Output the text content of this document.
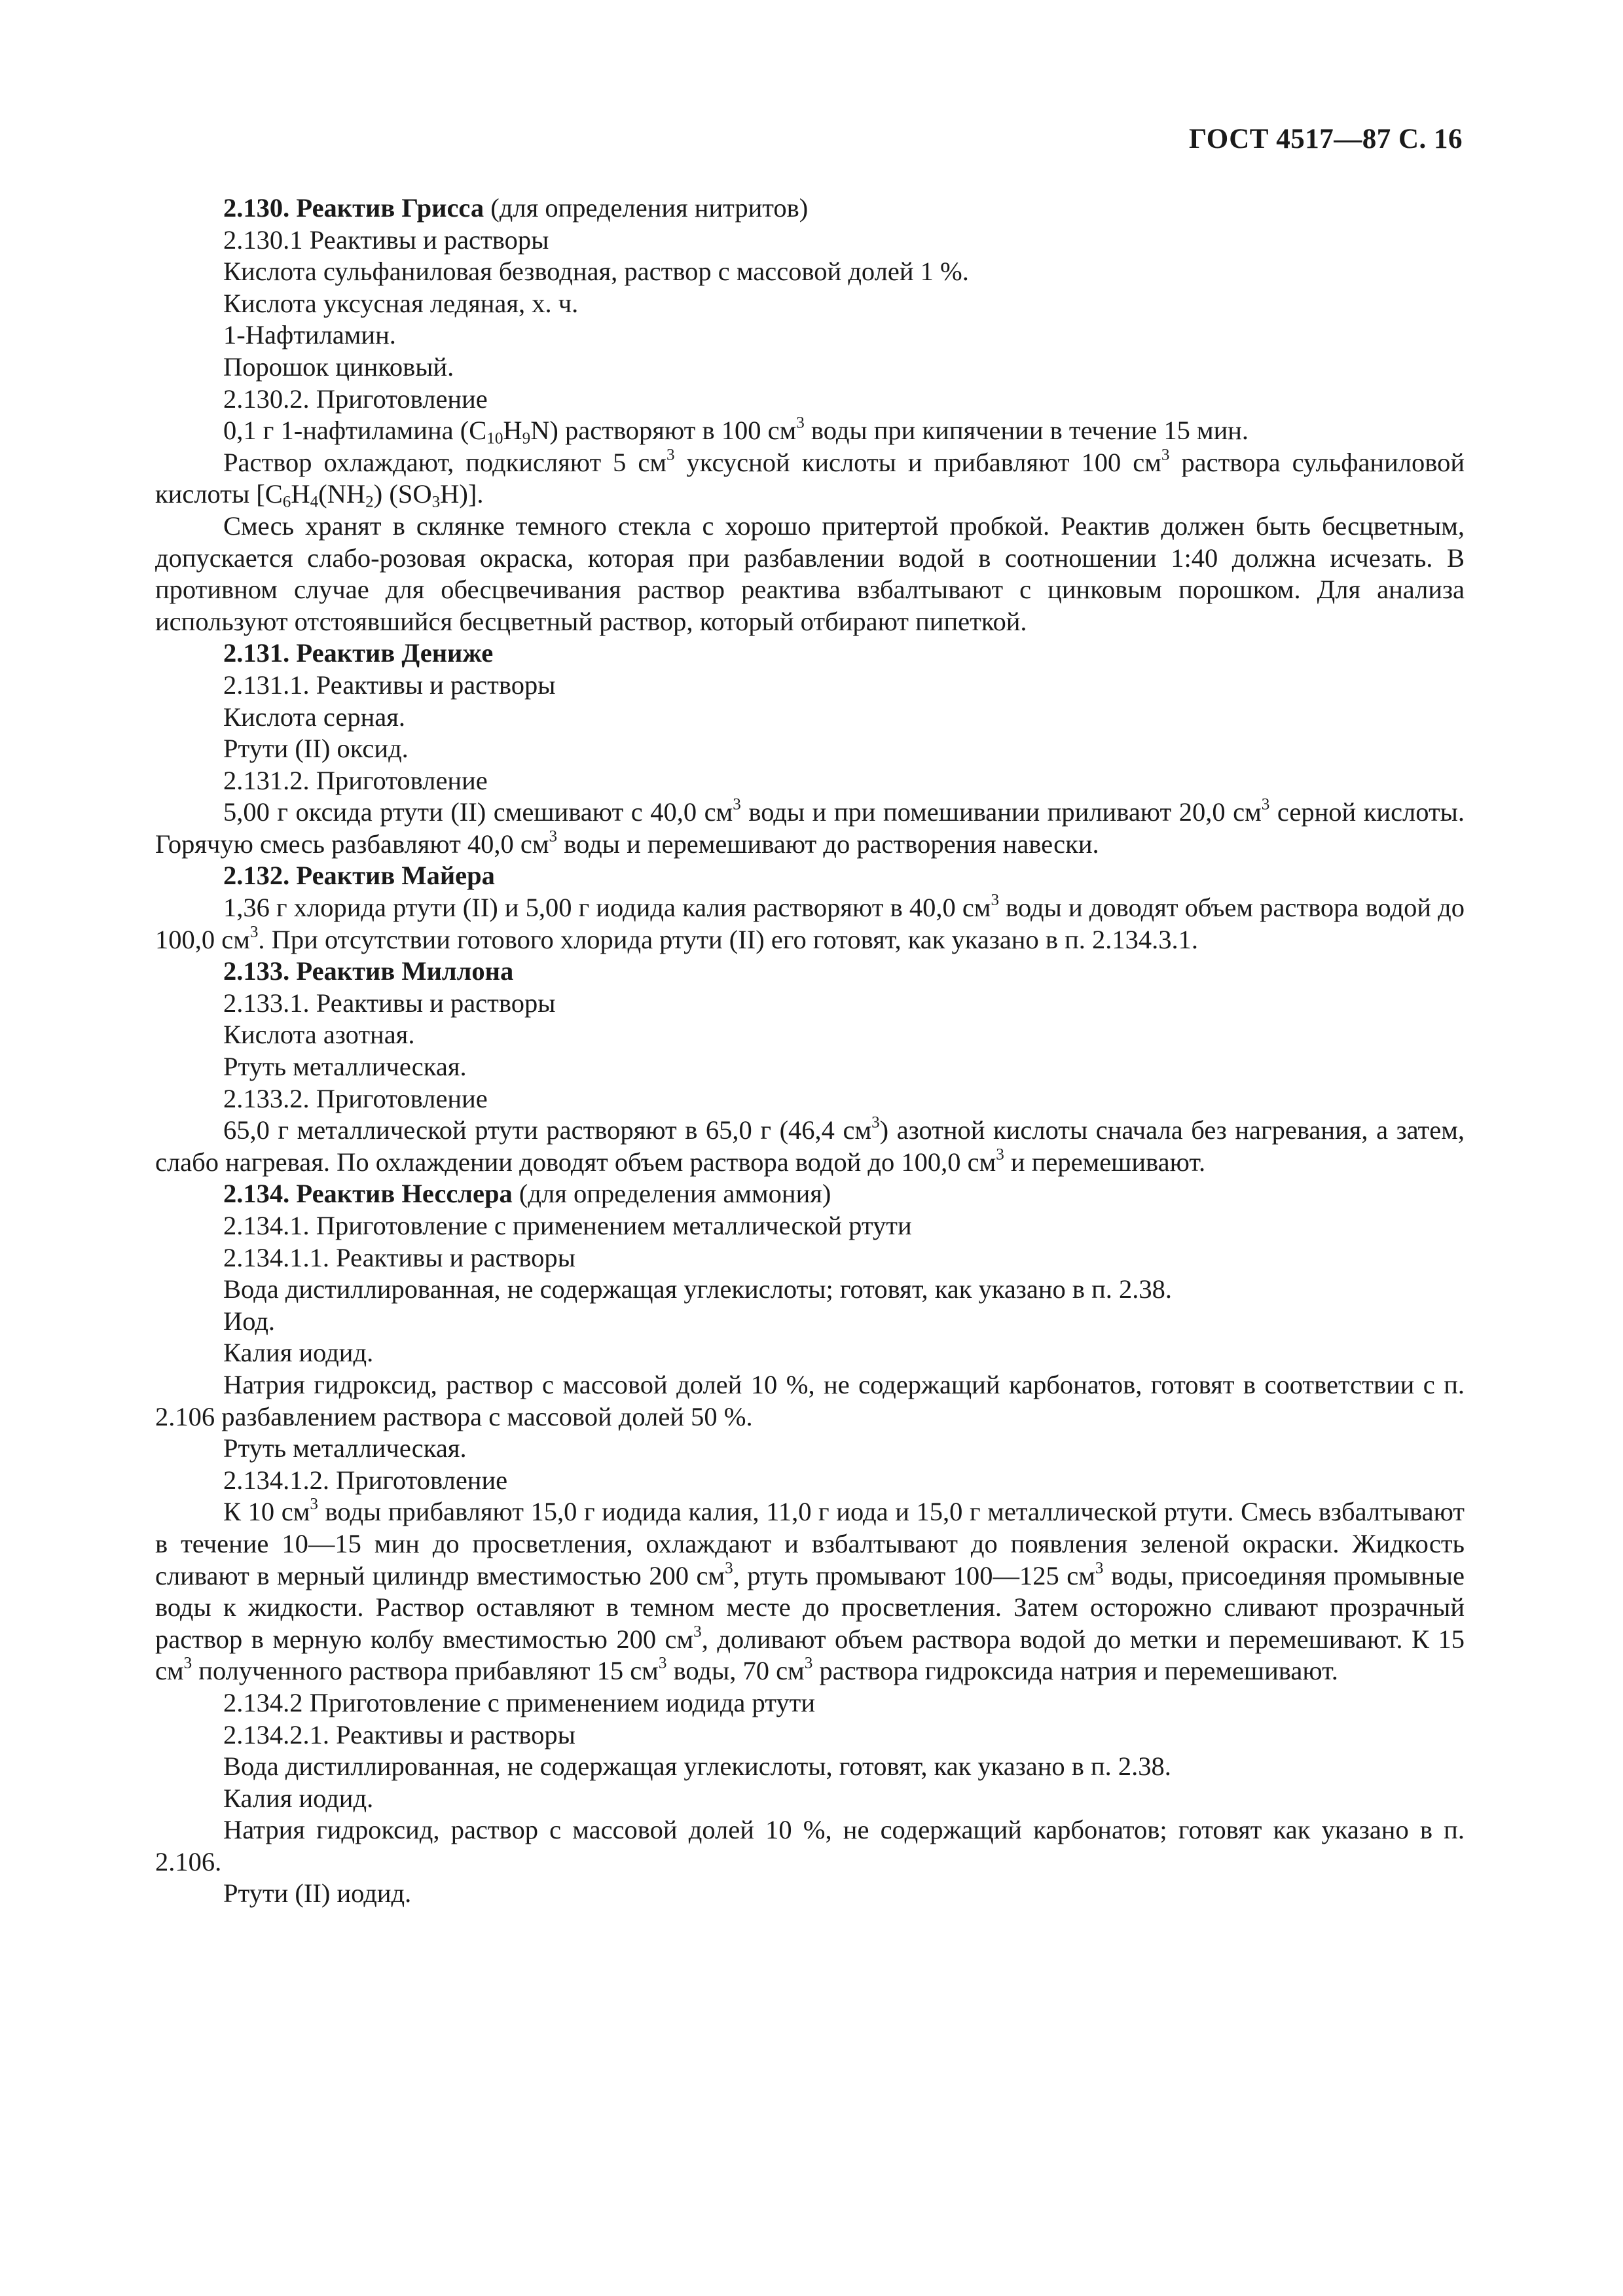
ГОСТ 4517—87 С. 16

2.130. Реактив Грисса (для определения нитритов)

2.130.1 Реактивы и растворы

Кислота сульфаниловая безводная, раствор с массовой долей 1 %.

Кислота уксусная ледяная, х. ч.

1-Нафтиламин.

Порошок цинковый.

2.130.2. Приготовление

0,1 г 1-нафтиламина $(C_{10}H_9N)$ растворяют в 100 $см^3$ воды при кипячении в течение 15 мин.

Раствор охлаждают, подкисляют 5 $см^3$ уксусной кислоты и прибавляют 100 $см^3$ раствора сульфаниловой кислоты [$C_6H_4(NH_2)$ $(SO_3H)$].

Смесь хранят в склянке темного стекла с хорошо притертой пробкой. Реактив должен быть бесцветным, допускается слабо-розовая окраска, которая при разбавлении водой в соотношении 1:40 должна исчезать. В противном случае для обесцвечивания раствор реактива взбалтывают с цинковым порошком. Для анализа используют отстоявшийся бесцветный раствор, который отбирают пипеткой.

2.131. Реактив Дениже

2.131.1. Реактивы и растворы

Кислота серная.

Ртути (II) оксид.

2.131.2. Приготовление

5,00 г оксида ртути (II) смешивают с 40,0 $см^3$ воды и при помешивании приливают 20,0 $см^3$ серной кислоты. Горячую смесь разбавляют 40,0 $см^3$ воды и перемешивают до растворения навески.

2.132. Реактив Майера

1,36 г хлорида ртути (II) и 5,00 г иодида калия растворяют в 40,0 $см^3$ воды и доводят объем раствора водой до 100,0 $см^3$. При отсутствии готового хлорида ртути (II) его готовят, как указано в п. 2.134.3.1.

2.133. Реактив Миллона

2.133.1. Реактивы и растворы

Кислота азотная.

Ртуть металлическая.

2.133.2. Приготовление

65,0 г металлической ртути растворяют в 65,0 г (46,4 $см^3$) азотной кислоты сначала без нагревания, а затем, слабо нагревая. По охлаждении доводят объем раствора водой до 100,0 $см^3$ и перемешивают.

2.134. Реактив Несслера (для определения аммония)

2.134.1. Приготовление с применением металлической ртути

2.134.1.1. Реактивы и растворы

Вода дистиллированная, не содержащая углекислоты; готовят, как указано в п. 2.38.

Иод.

Калия иодид.

Натрия гидроксид, раствор с массовой долей 10 %, не содержащий карбонатов, готовят в соответствии с п. 2.106 разбавлением раствора с массовой долей 50 %.

Ртуть металлическая.

2.134.1.2. Приготовление

К 10 $см^3$ воды прибавляют 15,0 г иодида калия, 11,0 г иода и 15,0 г металлической ртути. Смесь взбалтывают в течение 10—15 мин до просветления, охлаждают и взбалтывают до появления зеленой окраски. Жидкость сливают в мерный цилиндр вместимостью 200 $см^3$, ртуть промывают 100—125 $см^3$ воды, присоединяя промывные воды к жидкости. Раствор оставляют в темном месте до просветления. Затем осторожно сливают прозрачный раствор в мерную колбу вместимостью 200 $см^3$, доливают объем раствора водой до метки и перемешивают. К 15 $см^3$ полученного раствора прибавляют 15 $см^3$ воды, 70 $см^3$ раствора гидроксида натрия и перемешивают.

2.134.2 Приготовление с применением иодида ртути

2.134.2.1. Реактивы и растворы

Вода дистиллированная, не содержащая углекислоты, готовят, как указано в п. 2.38.

Калия иодид.

Натрия гидроксид, раствор с массовой долей 10 %, не содержащий карбонатов; готовят как указано в п. 2.106.

Ртути (II) иодид.
